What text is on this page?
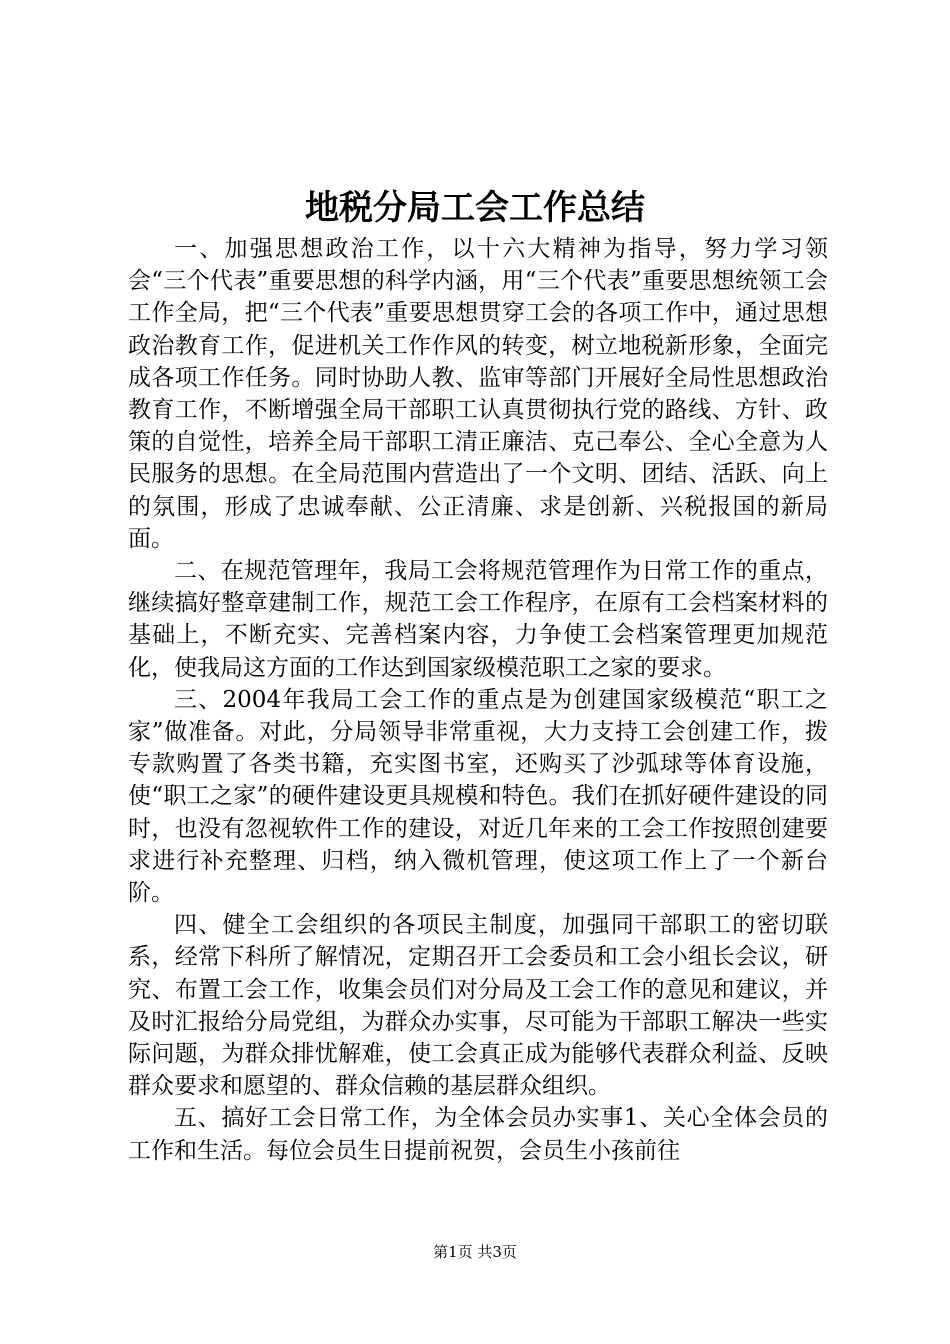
地税分局工会工作总结

一、加强思想政治工作，以十六大精神为指导，努力学习领会“三个代表”重要思想的科学内涵，用“三个代表”重要思想统领工会工作全局，把“三个代表”重要思想贯穿工会的各项工作中，通过思想政治教育工作，促进机关工作作风的转变，树立地税新形象，全面完成各项工作任务。同时协助人教、监审等部门开展好全局性思想政治教育工作，不断增强全局干部职工认真贯彻执行党的路线、方针、政策的自觉性，培养全局干部职工清正廉洁、克己奉公、全心全意为人民服务的思想。在全局范围内营造出了一个文明、团结、活跃、向上的氛围，形成了忠诚奉献、公正清廉、求是创新、兴税报国的新局面。

二、在规范管理年，我局工会将规范管理作为日常工作的重点，继续搞好整章建制工作，规范工会工作程序，在原有工会档案材料的基础上，不断充实、完善档案内容，力争使工会档案管理更加规范化，使我局这方面的工作达到国家级模范职工之家的要求。

三、2004年我局工会工作的重点是为创建国家级模范“职工之家”做准备。对此，分局领导非常重视，大力支持工会创建工作，拨专款购置了各类书籍，充实图书室，还购买了沙弧球等体育设施，使“职工之家”的硬件建设更具规模和特色。我们在抓好硬件建设的同时，也没有忽视软件工作的建设，对近几年来的工会工作按照创建要求进行补充整理、归档，纳入微机管理，使这项工作上了一个新台阶。

四、健全工会组织的各项民主制度，加强同干部职工的密切联系，经常下科所了解情况，定期召开工会委员和工会小组长会议，研究、布置工会工作，收集会员们对分局及工会工作的意见和建议，并及时汇报给分局党组，为群众办实事，尽可能为干部职工解决一些实际问题，为群众排忧解难，使工会真正成为能够代表群众利益、反映群众要求和愿望的、群众信赖的基层群众组织。

五、搞好工会日常工作，为全体会员办实事1、关心全体会员的工作和生活。每位会员生日提前祝贺，会员生小孩前往

第1页 共3页
